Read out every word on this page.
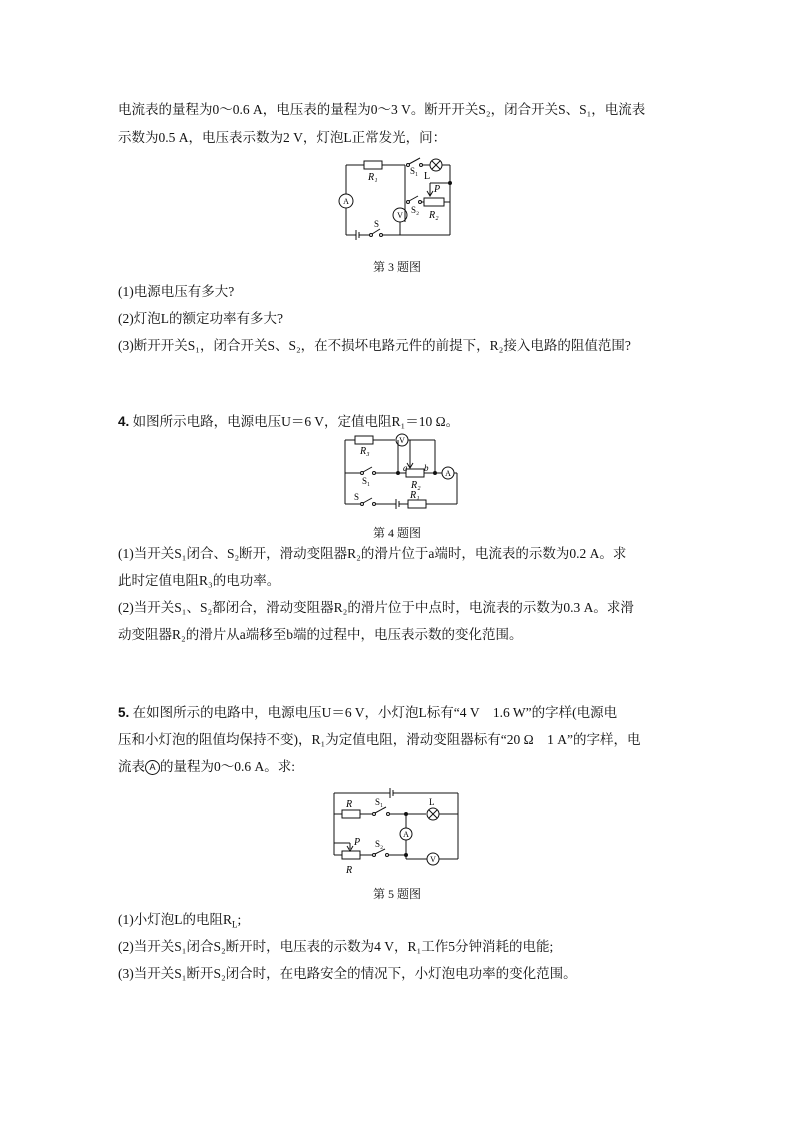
电流表的量程为0～0.6 A，电压表的量程为0～3 V。断开开关S₂，闭合开关S、S₁，电流表
示数为0.5 A，电压表示数为2 V，灯泡L正常发光，问：
R₁
S₁ L
P
S₂ R₂
S
A
V
第 3 题图
(1)电源电压有多大?
(2)灯泡L的额定功率有多大?
(3)断开开关S₁，闭合开关S、S₂，在不损坏电路元件的前提下，R₂接入电路的阻值范围?
4. 如图所示电路，电源电压U＝6 V，定值电阻R₁＝10 Ω。
R₃
V
a b
S₁	R₂
A
S	R₁
第 4 题图
(1)当开关S₁闭合、S₂断开，滑动变阻器R₂的滑片位于a端时，电流表的示数为0.2 A。求
此时定值电阻R₃的电功率。
(2)当开关S₁、S₂都闭合，滑动变阻器R₂的滑片位于中点时，电流表的示数为0.3 A。求滑
动变阻器R₂的滑片从a端移至b端的过程中，电压表示数的变化范围。
5. 在如图所示的电路中，电源电压U＝6 V，小灯泡L标有“4 V　1.6 W”的字样(电源电
压和小灯泡的阻值均保持不变)，R₁为定值电阻，滑动变阻器标有“20 Ω　1 A”的字样，电
流表 A 的量程为0～0.6 A。求:
R	S₁	L
A
P S₂
V
R
第 5 题图
(1)小灯泡L的电阻$R_L$;
(2)当开关S₁闭合S₂断开时，电压表的示数为4 V，R₁工作5分钟消耗的电能;
(3)当开关S₁断开S₂闭合时，在电路安全的情况下，小灯泡电功率的变化范围。
